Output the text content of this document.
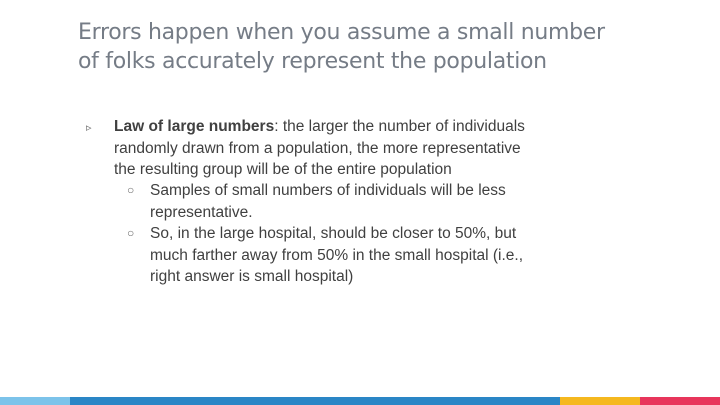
Errors happen when you assume a small number
of folks accurately represent the population
▹ Law of large numbers: the larger the number of individuals
randomly drawn from a population, the more representative
the resulting group will be of the entire population
○ Samples of small numbers of individuals will be less
representative.
○ So, in the large hospital, should be closer to 50%, but
much farther away from 50% in the small hospital (i.e.,
right answer is small hospital)
